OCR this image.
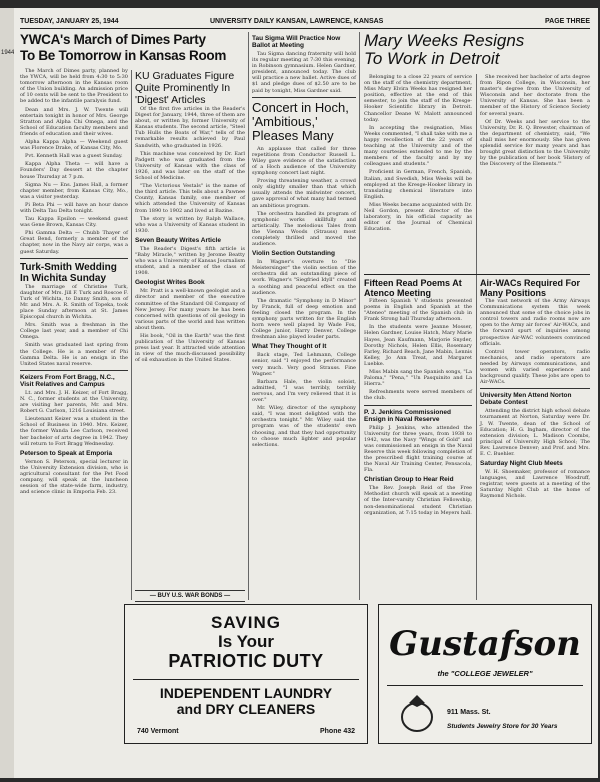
1944
TUESDAY, JANUARY 25, 1944	UNIVERSITY DAILY KANSAN, LAWRENCE, KANSAS	PAGE THREE

YWCA's March of Dimes Party

To Be Tomorrow in Kansas Room

The March of Dimes party, planned by the YWCA, will be held from 4:30 to 5:30 tomorrow afternoon in the Kansas room of the Union building. An admission price of 10 cents will be sent to the President to be added to the infantile paralysis fund.

Dean and Mrs. J. W. Twente will entertain tonight in honor of Mrs. George Stratton and Alpha Chi Omega, and the School of Education faculty members and friends of education and their wives.

Alpha Kappa Alpha — Weekend guest was Florence Drake, of Kansas City, Mo.

Pvt. Kenneth Hall was a guest Sunday.

Kappa Alpha Theta — will have a Founders' Day dessert at the chapter house Thursday at 7 p.m.

Sigma Nu — Ens. James Hall, a former chapter member, from Kansas City, Mo., was a visitor yesterday.

Pi Beta Phi — will have an hour dance with Delta Tau Delta tonight.

Tau Kappa Epsilon — weekend guest was Gene Brown, Kansas City.

Phi Gamma Delta — Chubb Thayer of Great Bend, formerly a member of the chapter, now in the Navy air corps, was a guest Saturday.

Turk-Smith Wedding In Wichita Sunday

The marriage of Christine Turk, daughter of Mrs. Jill F. Turk and Roscoe F. Turk of Wichita, to Danny Smith, son of Mr. and Mrs. A. R. Smith of Topeka, took place Sunday afternoon at St. James Episcopal church in Wichita.

Mrs. Smith was a freshman in the College last year, and a member of Chi Omega.

Smith was graduated last spring from the College. He is a member of Phi Gamma Delta. He is an ensign in the United States naval reserve.

Keizers From Fort Bragg, N.C., Visit Relatives and Campus

Lt. and Mrs. J. H. Keizer, of Fort Bragg, N. C., former students at the University, are visiting her parents, Mr. and Mrs. Robert G. Carlson, 1216 Louisiana street.

Lieutenant Keizer was a student in the School of Business in 1940. Mrs. Keizer, the former Wanda Lee Carlson, received her bachelor of arts degree in 1942. They will return to Fort Bragg Wednesday.

Peterson to Speak at Emporia

Vernon S. Peterson, special lecturer in the University Extension division, who is agricultural consultant for the Pet Food company, will speak at the luncheon session of the state-wide farm, industry, and science clinic in Emporia Feb. 23.

KU Graduates Figure Quite Prominently In 'Digest' Articles

Of the first five articles in the Reader's Digest for January, 1944, three of them are about, or written by, former University of Kansas students. The second article, "Steel Tub Hulls the Boats of War," tells of the remarkable results achieved by Paul Sandwith, who graduated in 1926.

This machine was conceived by Dr. Earl Padgett who was graduated from the University of Kansas with the class of 1926, and was later on the staff of the School of Medicine.

"The Victorious Vestals" is the name of the third article. This tells about a Pawnee County, Kansas family, one member of which attended the University of Kansas from 1890 to 1902 and lived at Bazine.

The story is written by Ralph Wallace, who was a University of Kansas student in 1930.

Seven Beauty Writes Article

The Reader's Digest's fifth article is "Baby Miracle," written by Jerome Beatty who was a University of Kansas Journalism student, and a member of the class of 1908.

Geologist Writes Book

Mr. Pratt is a well-known geologist and a director and member of the executive committee of the Standard Oil Company of New Jersey. For many years he has been concerned with questions of oil geology in various parts of the world and has written about them.

His book, "Oil in the Earth" was the first publication of the University of Kansas press last year. It attracted wide attention in view of the much-discussed possibility of oil exhaustion in the United States.

— BUY U.S. WAR BONDS —

Tau Sigma Will Practice Now Ballot at Meeting

Tau Sigma dancing fraternity will hold its regular meeting at 7:30 this evening, in Robinson gymnasium. Helen Gardner, president, announced today. The club will practice a new ballet. Active dues of $1 and pledge dues of $2.50 are to be paid by tonight, Miss Gardner said.

Concert in Hoch, 'Ambitious,' Pleases Many

An applause that called for three repetitions from Conductor Russell L. Wiley gave evidence of the satisfaction of a Hoch audience of the University symphony concert last night.

Proving threatening weather, a crowd only slightly smaller than that which usually attends the midwinter concert, gave approval of what many had termed an ambitious program.

The orchestra handled its program of symphonic works skillfully and artistically. The melodious Tales from the Vienna Woods (Strauss) most completely thrilled and moved the audience.

Violin Section Outstanding

In Wagner's overture to "Die Meistersinger" the violin section of the orchestra did an outstanding piece of work. Wagner's "Siegfried Idyll" created a soothing and peaceful effect on the audience.

The dramatic "Symphony in D Minor" by Franck, full of deep emotion and feeling closed the program. In the symphony parts written for the English horn were well played by Wade Fox, College junior, Harry Denver, College freshman also played louder parts.

What They Thought of It

Back stage, Ted Lehmann, College senior, said "I enjoyed the performance very much. Very good Strauss. Fine Wagner."

Barbara Hale, the violin soloist, admitted, "I was terribly, terribly nervous, and I'm very relieved that it is over."

Mr. Wiley, director of the symphony said, "I was most delighted with the orchestra tonight." Mr. Wiley said the program was of the students' own choosing, and that they had opportunity to choose much lighter and popular selections.

Mary Weeks Resigns

To Work in Detroit

Belonging to a close 22 years of service on the staff of the chemistry department, Miss Mary Elvira Weeks has resigned her position, effective at the end of this semester, to join the staff of the Kresge-Hooker Scientific library in Detroit. Chancellor Deane W. Malott announced today.

In accepting the resignation, Miss Weeks commented, "I shall take with me a happy recollection of the 22 years of teaching at the University and of the many courtesies extended to me by the members of the faculty and by my colleagues and students."

Proficient in German, French, Spanish, Italian, and Swedish, Miss Weeks will be employed at the Kresge-Hooker library in translating chemical literature into English.

Miss Weeks became acquainted with Dr. Neil Gordon, present director of the laboratory, in his official capacity as editor of the Journal of Chemical Education.

She received her bachelor of arts degree from Ripon College, in Wisconsin, her master's degree from the University of Wisconsin and her doctorate from the University of Kansas. She has been a member of the History of Science Society for several years.

Of Dr. Weeks and her service to the University, Dr. R. Q. Brewster, chairman of the department of chemistry, said, "We shall miss her enormously. She has given splendid service for many years and has brought great distinction to the University by the publication of her book 'History of the Discovery of the Elements.'"

Fifteen Read Poems At Atenco Meeting

Fifteen Spanish V students presented poems in English and Spanish at the "Ateneo" meeting of the Spanish club in Frank Strong hall Thursday afternoon.

In the students were Jeanne Mosser, Helen Gardner, Louise Hatch, Mary Marie Hayes, Jean Kaufmann, Marjorie Snyder, Dorothy Nichols, Helen Ellis, Rosemary Farley, Richard Beach, Jane Mabin, Lennis Kelley, Jo Ann Treat, and Margaret Luebke.

Miss Mabin sang the Spanish songs, "La Paloma," "Pena," "Un Pasquinito and La Hierra."

Refreshments were served members of the club.

P. J. Jenkins Commissioned Ensign in Naval Reserve

Philip J. Jenkins, who attended the University for three years, from 1938 to 1942, was the Navy "Wings of Gold" and was commissioned an ensign in the Naval Reserve this week following completion of the prescribed flight training course at the Naval Air Training Center, Pensacola, Fla.

Christian Group to Hear Reid

The Rev. Joseph Reid of the Free Methodist church will speak at a meeting of the Inter-varsity Christian Fellowship, non-denominational student Christian organization, at 7:15 today in Meyers hall.

Air-WACs Required For Many Positions

The vast network of the Army Airways Communications system this week announced that some of the choice jobs in control towers and radio rooms now are open to the Army air forces' Air-WACs, and the forward spurt of inquiries among prospective Air-WAC volunteers convinced officials.

Control tower operators, radio mechanics, and radio operators are needed by Airways communications, and women with varied experience and background qualify. These jobs are open to Air-WACs.

University Men Attend Norton Debate Contest

Attending the district high school debate tournament at Norton, Saturday were Dr. J. W. Twente, dean of the School of Education; H. G. Ingham, director of the extension division; L. Madison Coombs, principal of University High School; The Rev. Lawrence Denver; and Prof. and Mrs. E. C. Buehler.

Saturday Night Club Meets

W. H. Shoemaker, professor of romance languages, and Lawrence Woodruff, registrar, were guests at a meeting of the Saturday Night Club at the home of Raymond Nichols.

SAVING
Is Your
PATRIOTIC DUTY
INDEPENDENT LAUNDRY
and DRY CLEANERS
740 Vermont	Phone 432
Gustafson
the "COLLEGE JEWELER"
911 Mass. St.
Students Jewelry Store for 30 Years
